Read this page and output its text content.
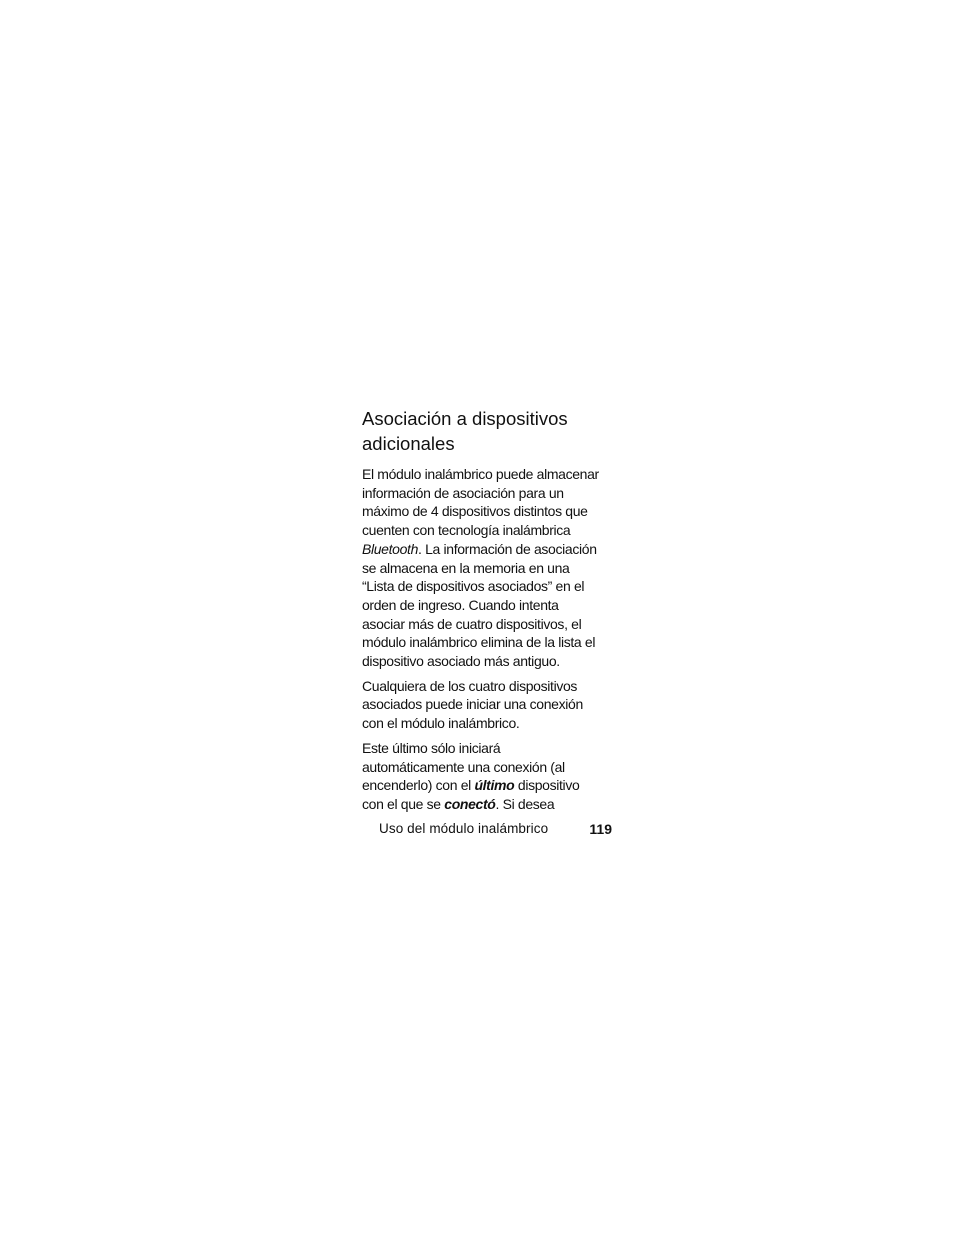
Asociación a dispositivos
adicionales

El módulo inalámbrico puede almacenar
información de asociación para un
máximo de 4 dispositivos distintos que
cuenten con tecnología inalámbrica
Bluetooth. La información de asociación
se almacena en la memoria en una
“Lista de dispositivos asociados” en el
orden de ingreso. Cuando intenta
asociar más de cuatro dispositivos, el
módulo inalámbrico elimina de la lista el
dispositivo asociado más antiguo.

Cualquiera de los cuatro dispositivos
asociados puede iniciar una conexión
con el módulo inalámbrico.

Este último sólo iniciará
automáticamente una conexión (al
encenderlo) con el último dispositivo
con el que se conectó. Si desea

Uso del módulo inalámbrico	119
